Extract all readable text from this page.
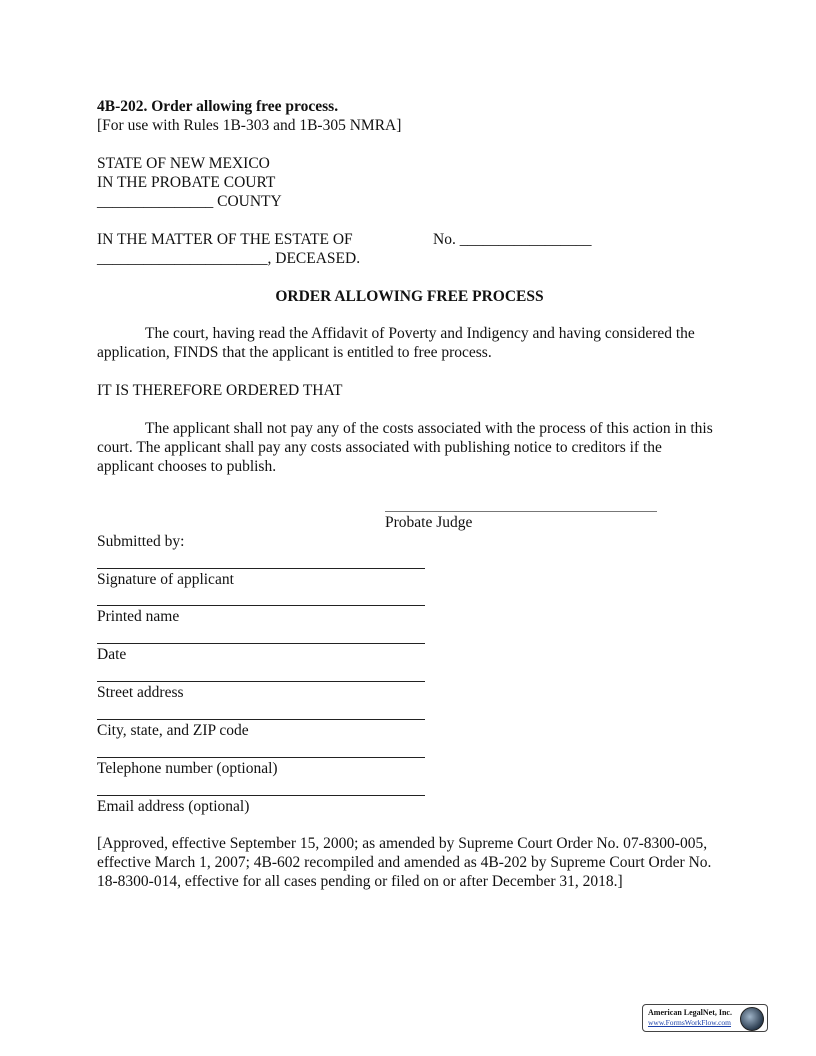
4B-202. Order allowing free process.
[For use with Rules 1B-303 and 1B-305 NMRA]
STATE OF NEW MEXICO
IN THE PROBATE COURT
_______________ COUNTY
IN THE MATTER OF THE ESTATE OF	No. _________________
______________________, DECEASED.
ORDER ALLOWING FREE PROCESS
The court, having read the Affidavit of Poverty and Indigency and having considered the application, FINDS that the applicant is entitled to free process.
IT IS THEREFORE ORDERED THAT
The applicant shall not pay any of the costs associated with the process of this action in this court. The applicant shall pay any costs associated with publishing notice to creditors if the applicant chooses to publish.
Probate Judge
Submitted by:
Signature of applicant
Printed name
Date
Street address
City, state, and ZIP code
Telephone number (optional)
Email address (optional)
[Approved, effective September 15, 2000; as amended by Supreme Court Order No. 07-8300-005, effective March 1, 2007; 4B-602 recompiled and amended as 4B-202 by Supreme Court Order No. 18-8300-014, effective for all cases pending or filed on or after December 31, 2018.]
American LegalNet, Inc.
www.FormsWorkFlow.com
